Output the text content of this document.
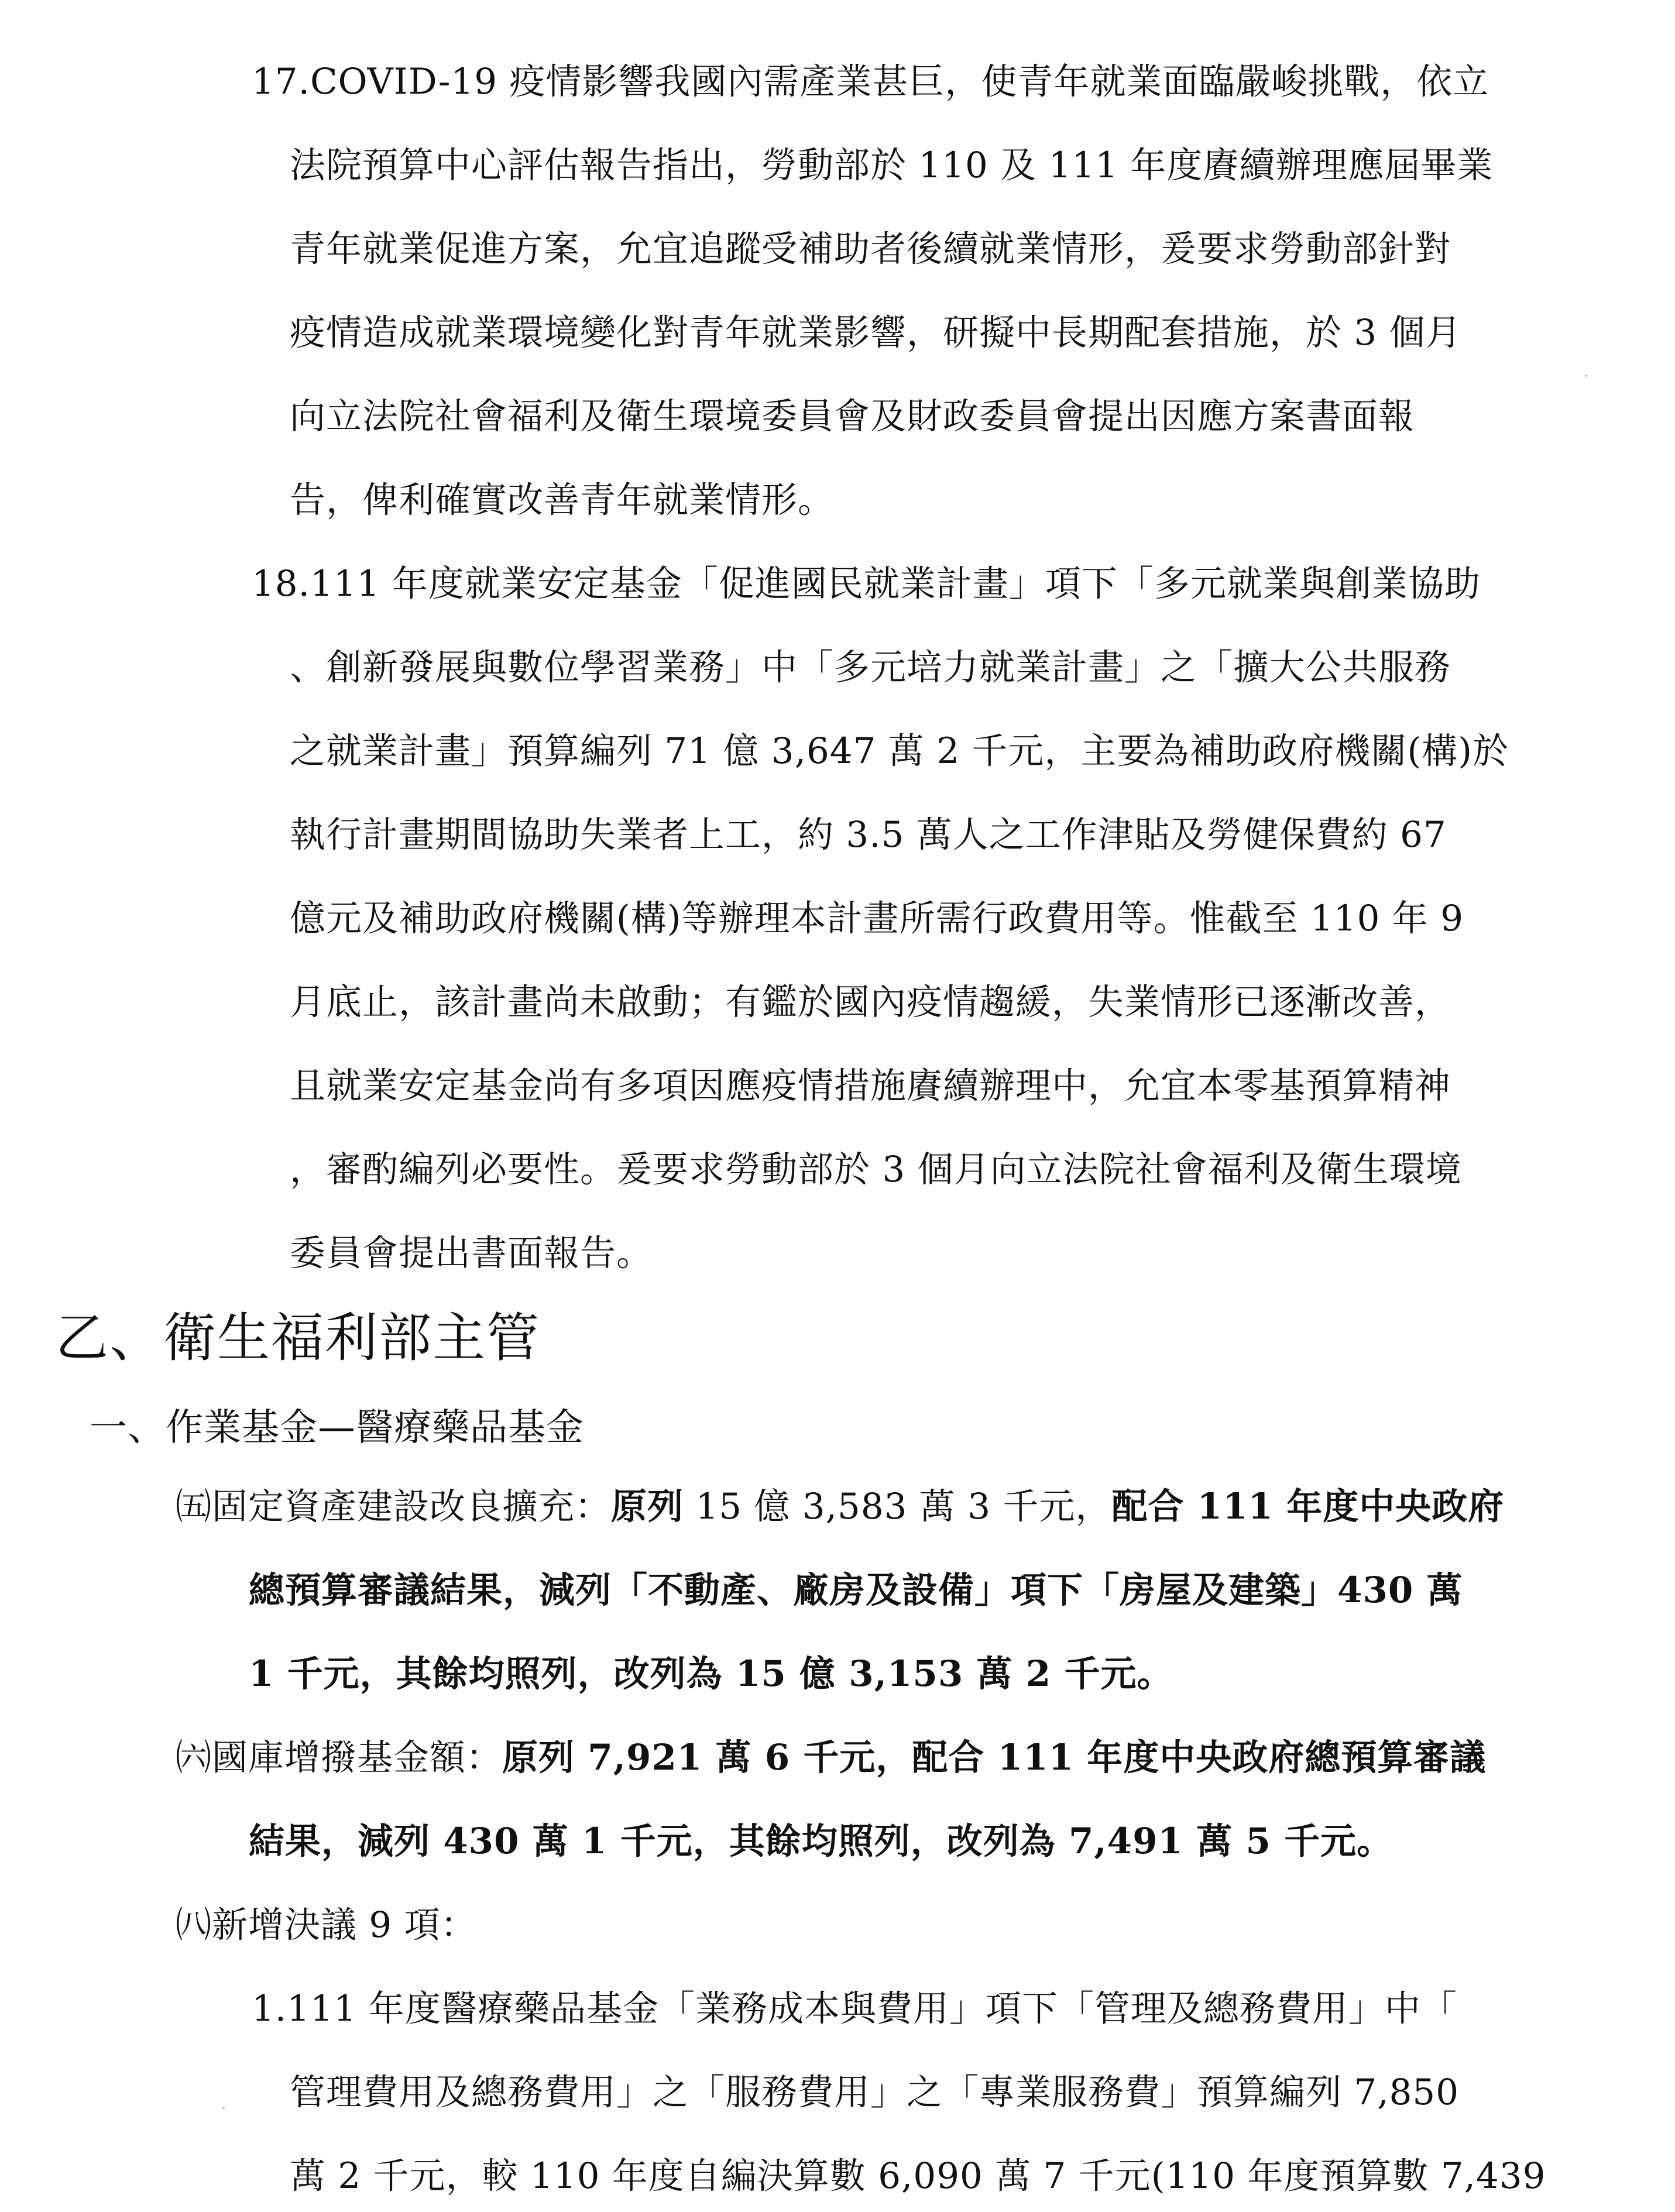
17.COVID-19 疫情影響我國內需產業甚巨，使青年就業面臨嚴峻挑戰，依立
法院預算中心評估報告指出，勞動部於 110 及 111 年度賡續辦理應屆畢業
青年就業促進方案，允宜追蹤受補助者後續就業情形，爰要求勞動部針對
疫情造成就業環境變化對青年就業影響，研擬中長期配套措施，於 3 個月
向立法院社會福利及衛生環境委員會及財政委員會提出因應方案書面報
告，俾利確實改善青年就業情形。
18.111 年度就業安定基金「促進國民就業計畫」項下「多元就業與創業協助
、創新發展與數位學習業務」中「多元培力就業計畫」之「擴大公共服務
之就業計畫」預算編列 71 億 3,647 萬 2 千元，主要為補助政府機關(構)於
執行計畫期間協助失業者上工，約 3.5 萬人之工作津貼及勞健保費約 67
億元及補助政府機關(構)等辦理本計畫所需行政費用等。惟截至 110 年 9
月底止，該計畫尚未啟動；有鑑於國內疫情趨緩，失業情形已逐漸改善，
且就業安定基金尚有多項因應疫情措施賡續辦理中，允宜本零基預算精神
，審酌編列必要性。爰要求勞動部於 3 個月向立法院社會福利及衛生環境
委員會提出書面報告。
乙、衛生福利部主管
一、作業基金—醫療藥品基金
㈤固定資產建設改良擴充：原列 15 億 3,583 萬 3 千元，配合 111 年度中央政府
總預算審議結果，減列「不動產、廠房及設備」項下「房屋及建築」430 萬
1 千元，其餘均照列，改列為 15 億 3,153 萬 2 千元。
㈥國庫增撥基金額：原列 7,921 萬 6 千元，配合 111 年度中央政府總預算審議
結果，減列 430 萬 1 千元，其餘均照列，改列為 7,491 萬 5 千元。
㈧新增決議 9 項：
1.111 年度醫療藥品基金「業務成本與費用」項下「管理及總務費用」中「
管理費用及總務費用」之「服務費用」之「專業服務費」預算編列 7,850
萬 2 千元，較 110 年度自編決算數 6,090 萬 7 千元(110 年度預算數 7,439
